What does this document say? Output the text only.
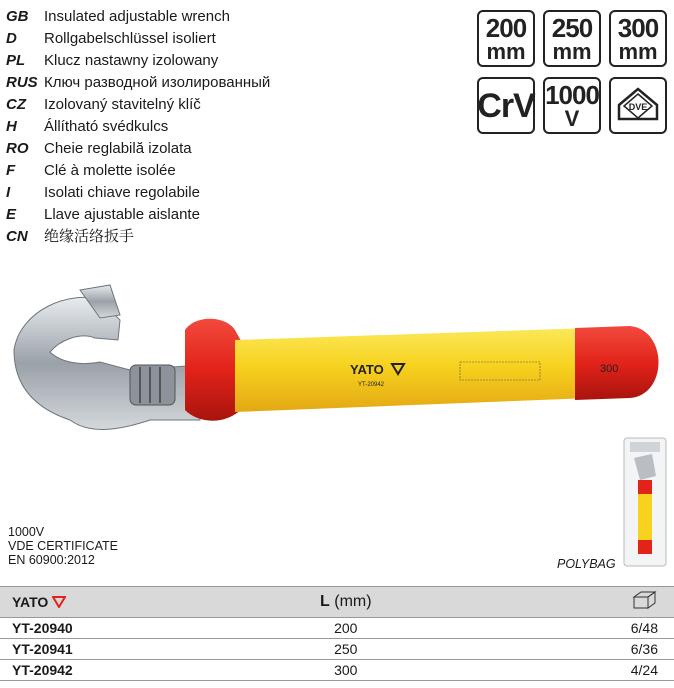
GB	Insulated adjustable wrench
D	Rollgabelschlüssel isoliert
PL	Klucz nastawny izolowany
RUS Ключ разводной изолированный
CZ	Izolovaný stavitelný klíč
H	Állítható svédkulcs
RO	Cheie reglabilă izolata
F	Clé à molette isolée
I	Isolati chiave regolabile
E	Llave ajustable aislante
CN	绝缘活络扳手
200
mm
250
mm
300
mm
CrV 1000
V	DVE
YATO
YT-20942
300
1000V
VDE CERTIFICATE
EN 60900:2012	POLYBAG
YATO	L (mm)
YT-20940	200	6/48
YT-20941	250	6/36
YT-20942	300	4/24
